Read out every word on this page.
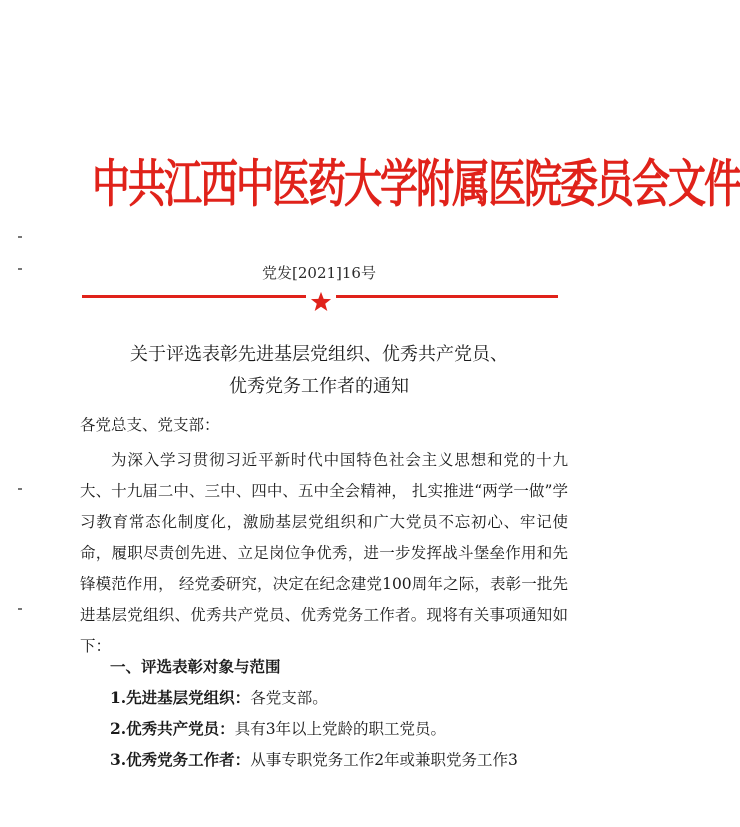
中共江西中医药大学附属医院委员会文件
党发[2021]16号
关于评选表彰先进基层党组织、优秀共产党员、
优秀党务工作者的通知
各党总支、党支部：
为深入学习贯彻习近平新时代中国特色社会主义思想和党的十九大、十九届二中、三中、四中、五中全会精神， 扎实推进“两学一做”学习教育常态化制度化，激励基层党组织和广大党员不忘初心、牢记使命，履职尽责创先进、立足岗位争优秀，进一步发挥战斗堡垒作用和先锋模范作用， 经党委研究，决定在纪念建党100周年之际，表彰一批先进基层党组织、优秀共产党员、优秀党务工作者。现将有关事项通知如下：
一、评选表彰对象与范围
1.先进基层党组织：各党支部。
2.优秀共产党员：具有3年以上党龄的职工党员。
3.优秀党务工作者：从事专职党务工作2年或兼职党务工作3
